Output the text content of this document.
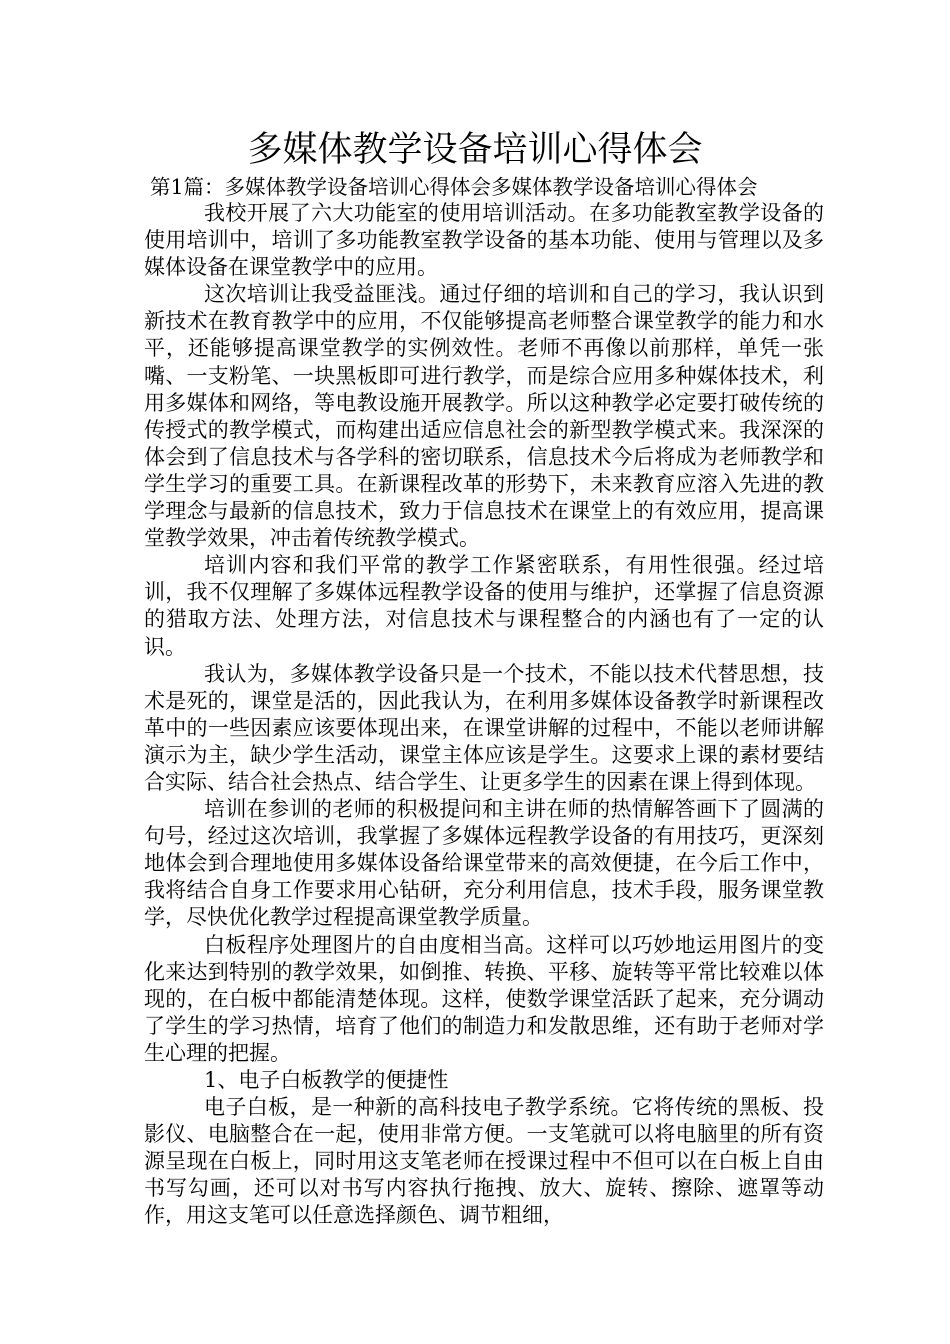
多媒体教学设备培训心得体会

第1篇：多媒体教学设备培训心得体会多媒体教学设备培训心得体会

我校开展了六大功能室的使用培训活动。在多功能教室教学设备的使用培训中，培训了多功能教室教学设备的基本功能、使用与管理以及多媒体设备在课堂教学中的应用。

这次培训让我受益匪浅。通过仔细的培训和自己的学习，我认识到新技术在教育教学中的应用，不仅能够提高老师整合课堂教学的能力和水平，还能够提高课堂教学的实例效性。老师不再像以前那样，单凭一张嘴、一支粉笔、一块黑板即可进行教学，而是综合应用多种媒体技术，利用多媒体和网络，等电教设施开展教学。所以这种教学必定要打破传统的传授式的教学模式，而构建出适应信息社会的新型教学模式来。我深深的体会到了信息技术与各学科的密切联系，信息技术今后将成为老师教学和学生学习的重要工具。在新课程改革的形势下，未来教育应溶入先进的教学理念与最新的信息技术，致力于信息技术在课堂上的有效应用，提高课堂教学效果，冲击着传统教学模式。

培训内容和我们平常的教学工作紧密联系，有用性很强。经过培训，我不仅理解了多媒体远程教学设备的使用与维护，还掌握了信息资源的猎取方法、处理方法，对信息技术与课程整合的内涵也有了一定的认识。

我认为，多媒体教学设备只是一个技术，不能以技术代替思想，技术是死的，课堂是活的，因此我认为，在利用多媒体设备教学时新课程改革中的一些因素应该要体现出来，在课堂讲解的过程中，不能以老师讲解演示为主，缺少学生活动，课堂主体应该是学生。这要求上课的素材要结合实际、结合社会热点、结合学生、让更多学生的因素在课上得到体现。

培训在参训的老师的积极提问和主讲在师的热情解答画下了圆满的句号，经过这次培训，我掌握了多媒体远程教学设备的有用技巧，更深刻地体会到合理地使用多媒体设备给课堂带来的高效便捷，在今后工作中，我将结合自身工作要求用心钻研，充分利用信息，技术手段，服务课堂教学，尽快优化教学过程提高课堂教学质量。

白板程序处理图片的自由度相当高。这样可以巧妙地运用图片的变化来达到特别的教学效果，如倒推、转换、平移、旋转等平常比较难以体现的，在白板中都能清楚体现。这样，使数学课堂活跃了起来，充分调动了学生的学习热情，培育了他们的制造力和发散思维，还有助于老师对学生心理的把握。

1、电子白板教学的便捷性

电子白板，是一种新的高科技电子教学系统。它将传统的黑板、投影仪、电脑整合在一起，使用非常方便。一支笔就可以将电脑里的所有资源呈现在白板上，同时用这支笔老师在授课过程中不但可以在白板上自由书写勾画，还可以对书写内容执行拖拽、放大、旋转、擦除、遮罩等动作，用这支笔可以任意选择颜色、调节粗细，
